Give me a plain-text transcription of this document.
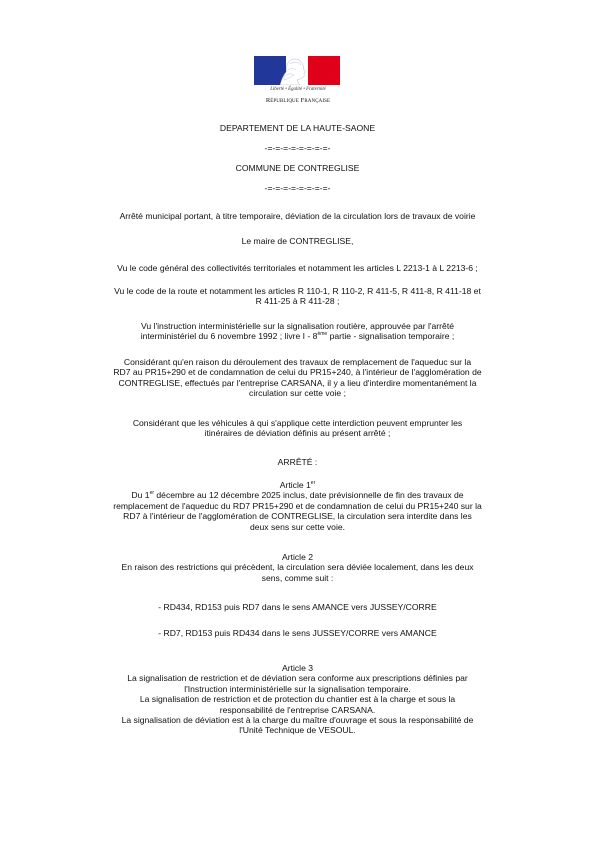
Liberté • Égalité • Fraternité
République Française

DEPARTEMENT DE LA HAUTE-SAONE

-=-=-=-=-=-=-=-=-

COMMUNE DE CONTREGLISE

-=-=-=-=-=-=-=-=-

Arrêté municipal portant, à titre temporaire, déviation de la circulation lors de travaux de voirie

Le maire de CONTREGLISE,

Vu le code général des collectivités territoriales et notamment les articles L 2213-1 à L 2213-6 ;

Vu le code de la route et notamment les articles R 110-1, R 110-2, R 411-5, R 411-8, R 411-18 et
R 411-25 à R 411-28 ;
Vu l'instruction interministérielle sur la signalisation routière, approuvée par l'arrêté
interministériel du 6 novembre 1992 ; livre I - 8ème partie - signalisation temporaire ;
Considérant qu'en raison du déroulement des travaux de remplacement de l'aqueduc sur la
RD7 au PR15+290 et de condamnation de celui du PR15+240, à l'intérieur de l'agglomération de
CONTREGLISE, effectués par l'entreprise CARSANA, il y a lieu d'interdire momentanément la
circulation sur cette voie ;
Considérant que les véhicules à qui s'applique cette interdiction peuvent emprunter les
itinéraires de déviation définis au présent arrêté ;

ARRÊTÉ :

Article 1er
Du 1er décembre au 12 décembre 2025 inclus, date prévisionnelle de fin des travaux de
remplacement de l'aqueduc du RD7 PR15+290 et de condamnation de celui du PR15+240 sur la
RD7 à l'intérieur de l'agglomération de CONTREGLISE, la circulation sera interdite dans les
deux sens sur cette voie.
Article 2
En raison des restrictions qui précèdent, la circulation sera déviée localement, dans les deux
sens, comme suit :

- RD434, RD153 puis RD7 dans le sens AMANCE vers JUSSEY/CORRE

- RD7, RD153 puis RD434 dans le sens JUSSEY/CORRE vers AMANCE

Article 3
La signalisation de restriction et de déviation sera conforme aux prescriptions définies par
l'Instruction interministérielle sur la signalisation temporaire.
La signalisation de restriction et de protection du chantier est à la charge et sous la
responsabilité de l'entreprise CARSANA.
La signalisation de déviation est à la charge du maître d'ouvrage et sous la responsabilité de
l'Unité Technique de VESOUL.
